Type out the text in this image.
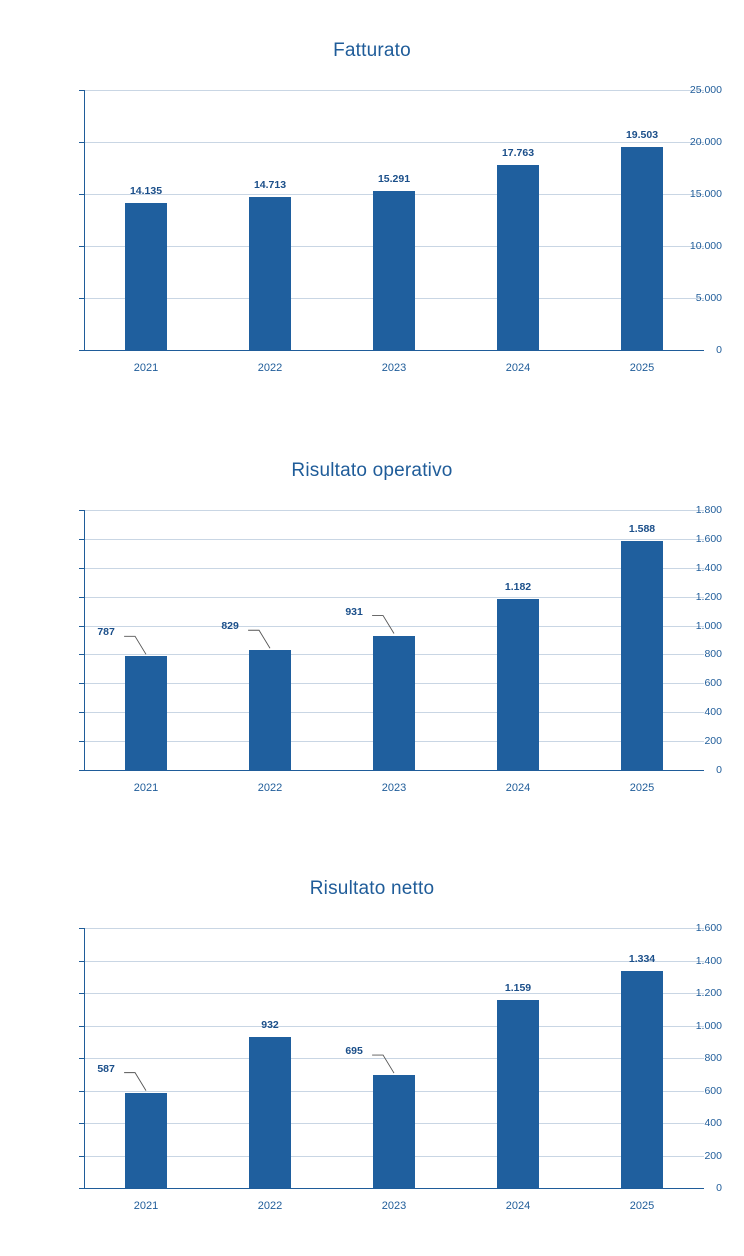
Fatturato
0
5.000
10.000
15.000
20.000
25.000
2021
14.135
2022
14.713
2023
15.291
2024
17.763
2025
19.503
Risultato operativo
0
200
400
600
800
1.000
1.200
1.400
1.600
1.800
2021
787
2022
829
2023
931
2024
1.182
2025
1.588
Risultato netto
0
200
400
600
800
1.000
1.200
1.400
1.600
2021
587
2022
932
2023
695
2024
1.159
2025
1.334
